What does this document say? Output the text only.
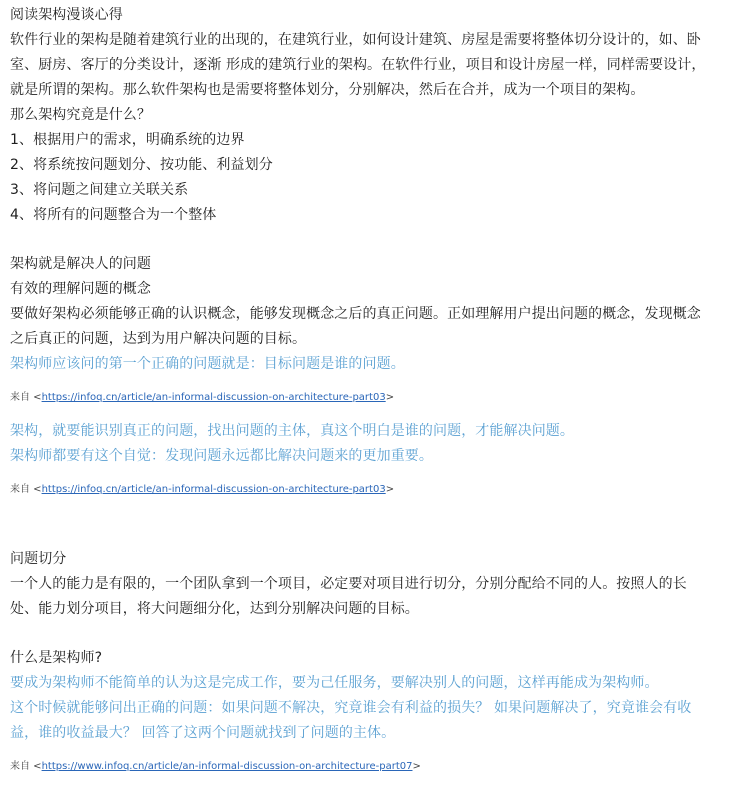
阅读架构漫谈心得

软件行业的架构是随着建筑行业的出现的，在建筑行业，如何设计建筑、房屋是需要将整体切分设计的，如、卧室、厨房、客厅的分类设计，逐渐 形成的建筑行业的架构。在软件行业，项目和设计房屋一样，同样需要设计，就是所谓的架构。那么软件架构也是需要将整体划分，分别解决，然后在合并，成为一个项目的架构。

那么架构究竟是什么？

1、根据用户的需求，明确系统的边界

2、将系统按问题划分、按功能、利益划分

3、将问题之间建立关联关系

4、将所有的问题整合为一个整体

架构就是解决人的问题

有效的理解问题的概念

要做好架构必须能够正确的认识概念，能够发现概念之后的真正问题。正如理解用户提出问题的概念，发现概念之后真正的问题，达到为用户解决问题的目标。

架构师应该问的第一个正确的问题就是：目标问题是谁的问题。

来自 <https://infoq.cn/article/an-informal-discussion-on-architecture-part03>

架构，就要能识别真正的问题，找出问题的主体，真这个明白是谁的问题，才能解决问题。

架构师都要有这个自觉：发现问题永远都比解决问题来的更加重要。

来自 <https://infoq.cn/article/an-informal-discussion-on-architecture-part03>

问题切分

一个人的能力是有限的，一个团队拿到一个项目，必定要对项目进行切分，分别分配给不同的人。按照人的长处、能力划分项目，将大问题细分化，达到分别解决问题的目标。

什么是架构师?

要成为架构师不能简单的认为这是完成工作，要为己任服务，要解决别人的问题，这样再能成为架构师。

这个时候就能够问出正确的问题：如果问题不解决，究竟谁会有利益的损失？ 如果问题解决了，究竟谁会有收益，谁的收益最大？ 回答了这两个问题就找到了问题的主体。

来自 <https://www.infoq.cn/article/an-informal-discussion-on-architecture-part07>
